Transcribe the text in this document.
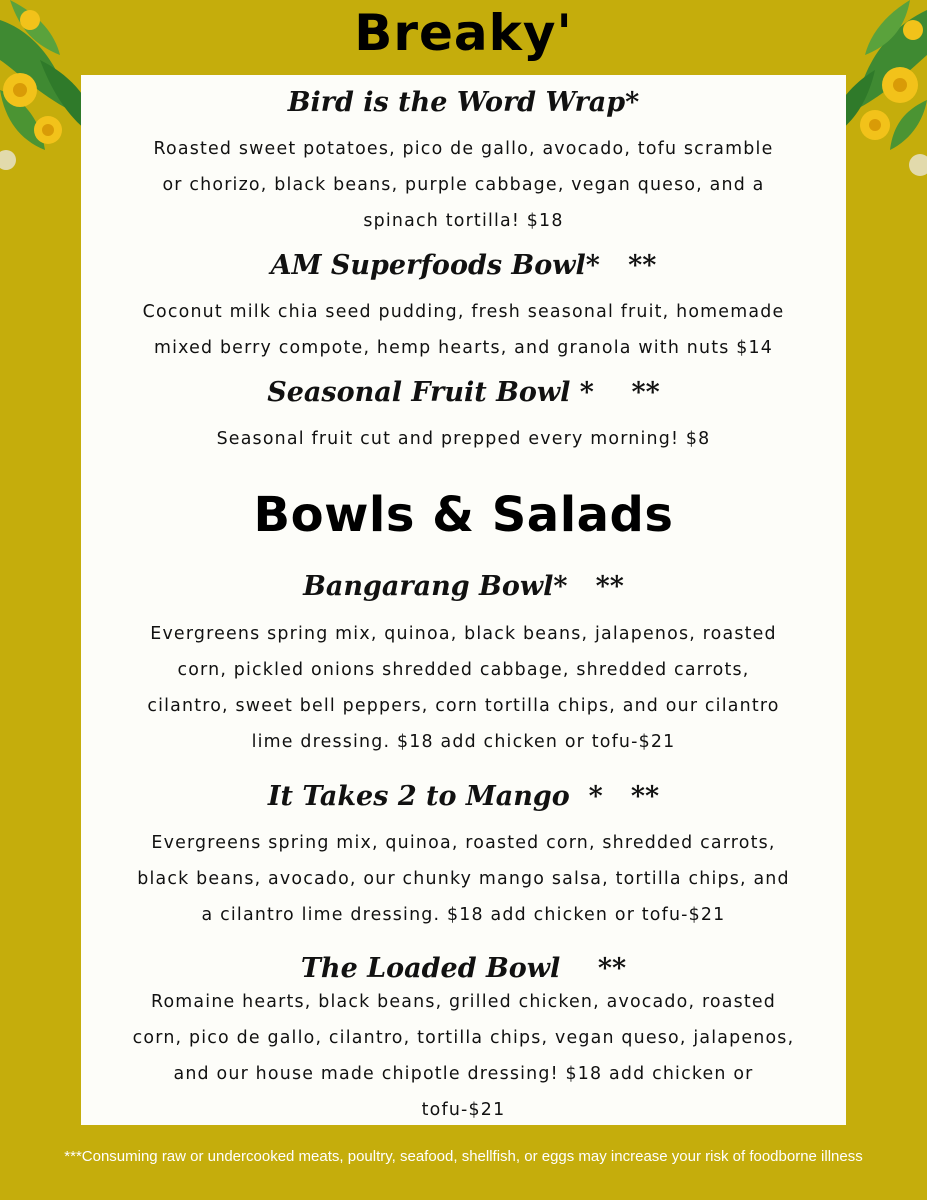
Breaky'
Bird is the Word Wrap*

Roasted sweet potatoes, pico de gallo, avocado, tofu scramble
or chorizo, black beans, purple cabbage, vegan queso, and a
spinach tortilla! $18

AM Superfoods Bowl*   **

Coconut milk chia seed pudding, fresh seasonal fruit, homemade
mixed berry compote, hemp hearts, and granola with nuts $14

Seasonal Fruit Bowl *    **

Seasonal fruit cut and prepped every morning! $8

Bowls & Salads
Bangarang Bowl*   **

Evergreens spring mix, quinoa, black beans, jalapenos, roasted
corn, pickled onions shredded cabbage, shredded carrots,
cilantro, sweet bell peppers, corn tortilla chips, and our cilantro
lime dressing. $18 add chicken or tofu-$21

It Takes 2 to Mango  *   **

Evergreens spring mix, quinoa, roasted corn, shredded carrots,
black beans, avocado, our chunky mango salsa, tortilla chips, and
a cilantro lime dressing. $18 add chicken or tofu-$21

The Loaded Bowl    **

Romaine hearts, black beans, grilled chicken, avocado, roasted
corn, pico de gallo, cilantro, tortilla chips, vegan queso, jalapenos,
and our house made chipotle dressing! $18 add chicken or
tofu-$21

***Consuming raw or undercooked meats, poultry, seafood, shellfish, or eggs may increase your risk of foodborne illness
